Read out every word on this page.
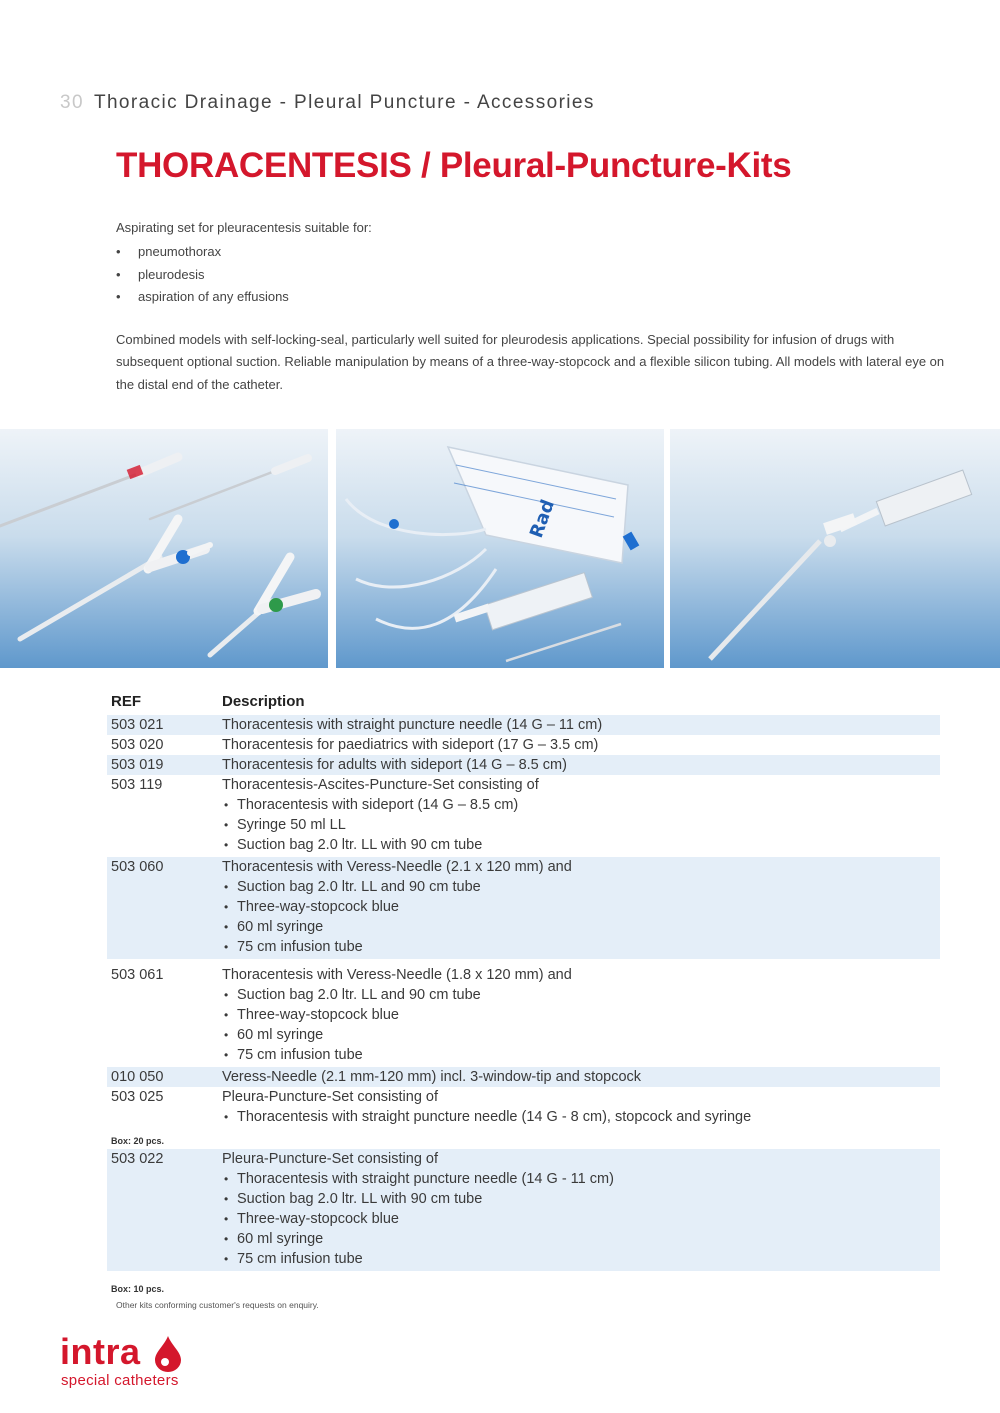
30 Thoracic Drainage - Pleural Puncture - Accessories
THORACENTESIS / Pleural-Puncture-Kits

Aspirating set for pleuracentesis suitable for:

• pneumothorax
• pleurodesis
• aspiration of any effusions

Combined models with self-locking-seal, particularly well suited for pleurodesis applications. Special possibility for infusion of drugs with subsequent optional suction. Reliable manipulation by means of a three-way-stopcock and a flexible silicon tubing. All models with lateral eye on the distal end of the catheter.

Rad
REF	Description
503 021	Thoracentesis with straight puncture needle (14 G – 11 cm)
503 020	Thoracentesis for paediatrics with sideport (17 G – 3.5 cm)
503 019	Thoracentesis for adults with sideport (14 G – 8.5 cm)
503 119	Thoracentesis-Ascites-Puncture-Set consisting of
• Thoracentesis with sideport (14 G – 8.5 cm)
• Syringe 50 ml LL
• Suction bag 2.0 ltr. LL with 90 cm tube
503 060	Thoracentesis with Veress-Needle (2.1 x 120 mm) and
• Suction bag 2.0 ltr. LL and 90 cm tube
• Three-way-stopcock blue
• 60 ml syringe
• 75 cm infusion tube
503 061	Thoracentesis with Veress-Needle (1.8 x 120 mm) and
• Suction bag 2.0 ltr. LL and 90 cm tube
• Three-way-stopcock blue
• 60 ml syringe
• 75 cm infusion tube
010 050	Veress-Needle (2.1 mm-120 mm) incl. 3-window-tip and stopcock
503 025	Pleura-Puncture-Set consisting of
• Thoracentesis with straight puncture needle (14 G - 8 cm), stopcock and syringe
Box: 20 pcs.
503 022	Pleura-Puncture-Set consisting of
• Thoracentesis with straight puncture needle (14 G - 11 cm)
• Suction bag 2.0 ltr. LL with 90 cm tube
• Three-way-stopcock blue
• 60 ml syringe
• 75 cm infusion tube
Box: 10 pcs.
Other kits conforming customer's requests on enquiry.
intra
special catheters
